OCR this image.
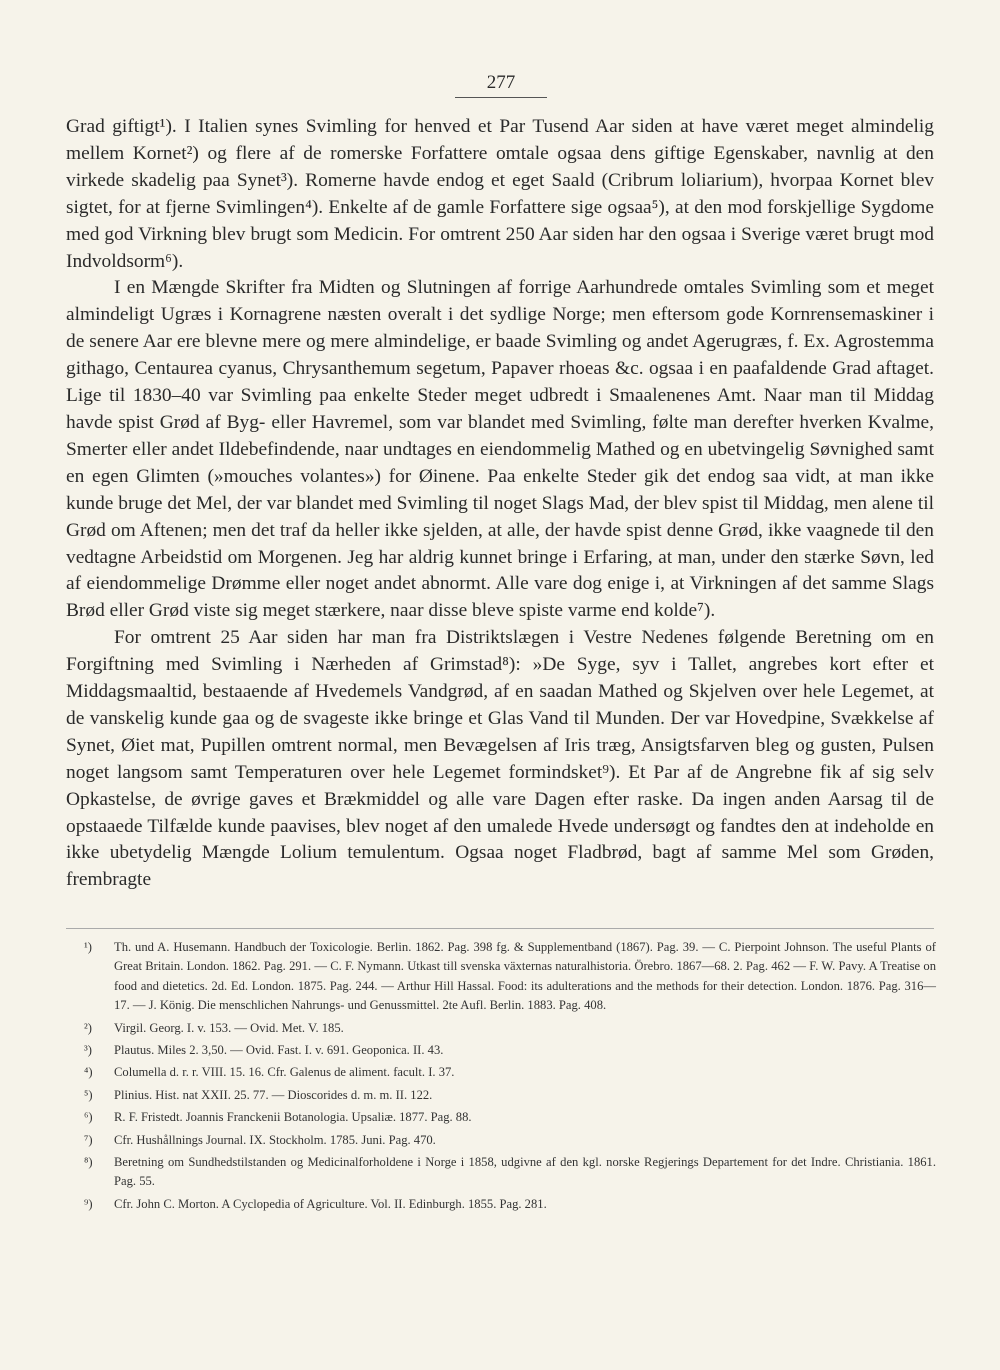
277

Grad giftigt¹). I Italien synes Svimling for henved et Par Tusend Aar siden at have været meget almindelig mellem Kornet²) og flere af de romerske Forfattere omtale ogsaa dens giftige Egenskaber, navnlig at den virkede skadelig paa Synet³). Romerne havde endog et eget Saald (Cribrum loliarium), hvorpaa Kornet blev sigtet, for at fjerne Svimlingen⁴). Enkelte af de gamle Forfattere sige ogsaa⁵), at den mod forskjellige Sygdome med god Virkning blev brugt som Medicin. For omtrent 250 Aar siden har den ogsaa i Sverige været brugt mod Indvoldsorm⁶).

I en Mængde Skrifter fra Midten og Slutningen af forrige Aarhundrede omtales Svimling som et meget almindeligt Ugræs i Kornagrene næsten overalt i det sydlige Norge; men eftersom gode Kornrensemaskiner i de senere Aar ere blevne mere og mere almindelige, er baade Svimling og andet Agerugræs, f. Ex. Agrostemma githago, Centaurea cyanus, Chrysanthemum segetum, Papaver rhoeas &c. ogsaa i en paafaldende Grad aftaget. Lige til 1830–40 var Svimling paa enkelte Steder meget udbredt i Smaalenenes Amt. Naar man til Middag havde spist Grød af Byg- eller Havremel, som var blandet med Svimling, følte man derefter hverken Kvalme, Smerter eller andet Ildebefindende, naar undtages en eiendommelig Mathed og en ubetvingelig Søvnighed samt en egen Glimten (»mouches volantes») for Øinene. Paa enkelte Steder gik det endog saa vidt, at man ikke kunde bruge det Mel, der var blandet med Svimling til noget Slags Mad, der blev spist til Middag, men alene til Grød om Aftenen; men det traf da heller ikke sjelden, at alle, der havde spist denne Grød, ikke vaagnede til den vedtagne Arbeidstid om Morgenen. Jeg har aldrig kunnet bringe i Erfaring, at man, under den stærke Søvn, led af eiendommelige Drømme eller noget andet abnormt. Alle vare dog enige i, at Virkningen af det samme Slags Brød eller Grød viste sig meget stærkere, naar disse bleve spiste varme end kolde⁷).

For omtrent 25 Aar siden har man fra Distriktslægen i Vestre Nedenes følgende Beretning om en Forgiftning med Svimling i Nærheden af Grimstad⁸): »De Syge, syv i Tallet, angrebes kort efter et Middagsmaaltid, bestaaende af Hvedemels Vandgrød, af en saadan Mathed og Skjelven over hele Legemet, at de vanskelig kunde gaa og de svageste ikke bringe et Glas Vand til Munden. Der var Hovedpine, Svækkelse af Synet, Øiet mat, Pupillen omtrent normal, men Bevægelsen af Iris træg, Ansigtsfarven bleg og gusten, Pulsen noget langsom samt Temperaturen over hele Legemet formindsket⁹). Et Par af de Angrebne fik af sig selv Opkastelse, de øvrige gaves et Brækmiddel og alle vare Dagen efter raske. Da ingen anden Aarsag til de opstaaede Tilfælde kunde paavises, blev noget af den umalede Hvede undersøgt og fandtes den at indeholde en ikke ubetydelig Mængde Lolium temulentum. Ogsaa noget Fladbrød, bagt af samme Mel som Grøden, frembragte

¹)	Th. und A. Husemann. Handbuch der Toxicologie. Berlin. 1862. Pag. 398 fg. & Supplementband (1867). Pag. 39. — C. Pierpoint Johnson. The useful Plants of Great Britain. London. 1862. Pag. 291. — C. F. Nymann. Utkast till svenska växternas naturalhistoria. Örebro. 1867—68. 2. Pag. 462 — F. W. Pavy. A Treatise on food and dietetics. 2d. Ed. London. 1875. Pag. 244. — Arthur Hill Hassal. Food: its adulterations and the methods for their detection. London. 1876. Pag. 316—17. — J. König. Die menschlichen Nahrungs- und Genussmittel. 2te Aufl. Berlin. 1883. Pag. 408.
²)	Virgil. Georg. I. v. 153. — Ovid. Met. V. 185.
³)	Plautus. Miles 2. 3,50. — Ovid. Fast. I. v. 691. Geoponica. II. 43.
⁴)	Columella d. r. r. VIII. 15. 16. Cfr. Galenus de aliment. facult. I. 37.
⁵)	Plinius. Hist. nat XXII. 25. 77. — Dioscorides d. m. m. II. 122.
⁶)	R. F. Fristedt. Joannis Franckenii Botanologia. Upsaliæ. 1877. Pag. 88.
⁷)	Cfr. Hushållnings Journal. IX. Stockholm. 1785. Juni. Pag. 470.
⁸)	Beretning om Sundhedstilstanden og Medicinalforholdene i Norge i 1858, udgivne af den kgl. norske Regjerings Departement for det Indre. Christiania. 1861. Pag. 55.
⁹)	Cfr. John C. Morton. A Cyclopedia of Agriculture. Vol. II. Edinburgh. 1855. Pag. 281.
